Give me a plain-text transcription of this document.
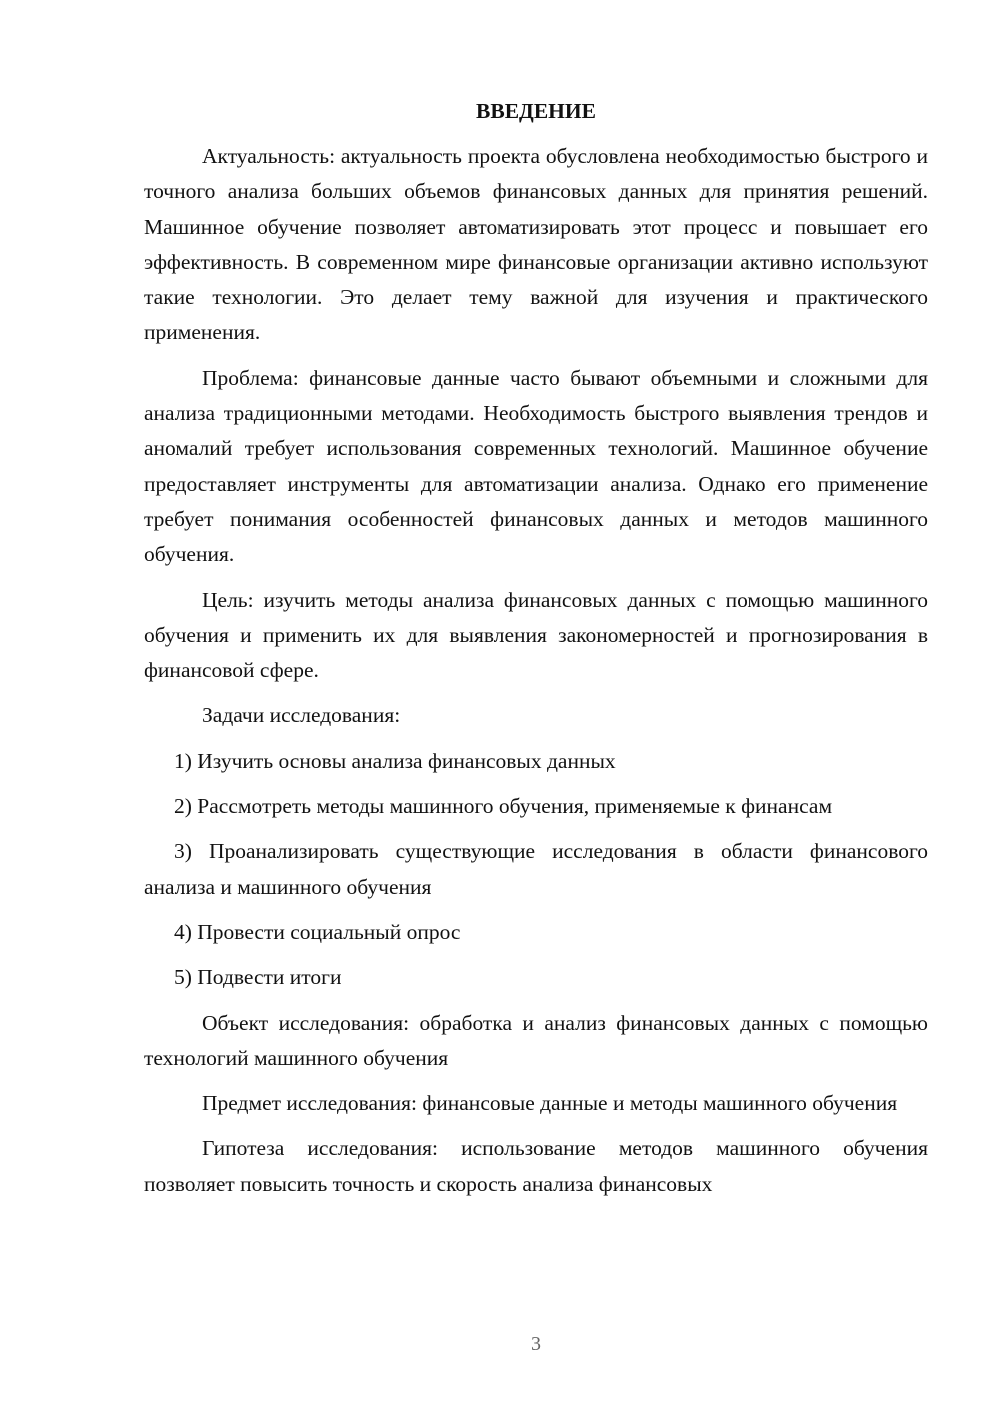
ВВЕДЕНИЕ

Актуальность: актуальность проекта обусловлена необходимостью быстрого и точного анализа больших объемов финансовых данных для принятия решений. Машинное обучение позволяет автоматизировать этот процесс и повышает его эффективность. В современном мире финансовые организации активно используют такие технологии. Это делает тему важной для изучения и практического применения.

Проблема: финансовые данные часто бывают объемными и сложными для анализа традиционными методами. Необходимость быстрого выявления трендов и аномалий требует использования современных технологий. Машинное обучение предоставляет инструменты для автоматизации анализа. Однако его применение требует понимания особенностей финансовых данных и методов машинного обучения.

Цель: изучить методы анализа финансовых данных с помощью машинного обучения и применить их для выявления закономерностей и прогнозирования в финансовой сфере.

Задачи исследования:

1) Изучить основы анализа финансовых данных

2) Рассмотреть методы машинного обучения, применяемые к финансам

3) Проанализировать существующие исследования в области финансового анализа и машинного обучения

4) Провести социальный опрос

5) Подвести итоги

Объект исследования: обработка и анализ финансовых данных с помощью технологий машинного обучения

Предмет исследования: финансовые данные и методы машинного обучения

Гипотеза исследования: использование методов машинного обучения позволяет повысить точность и скорость анализа финансовых

3
